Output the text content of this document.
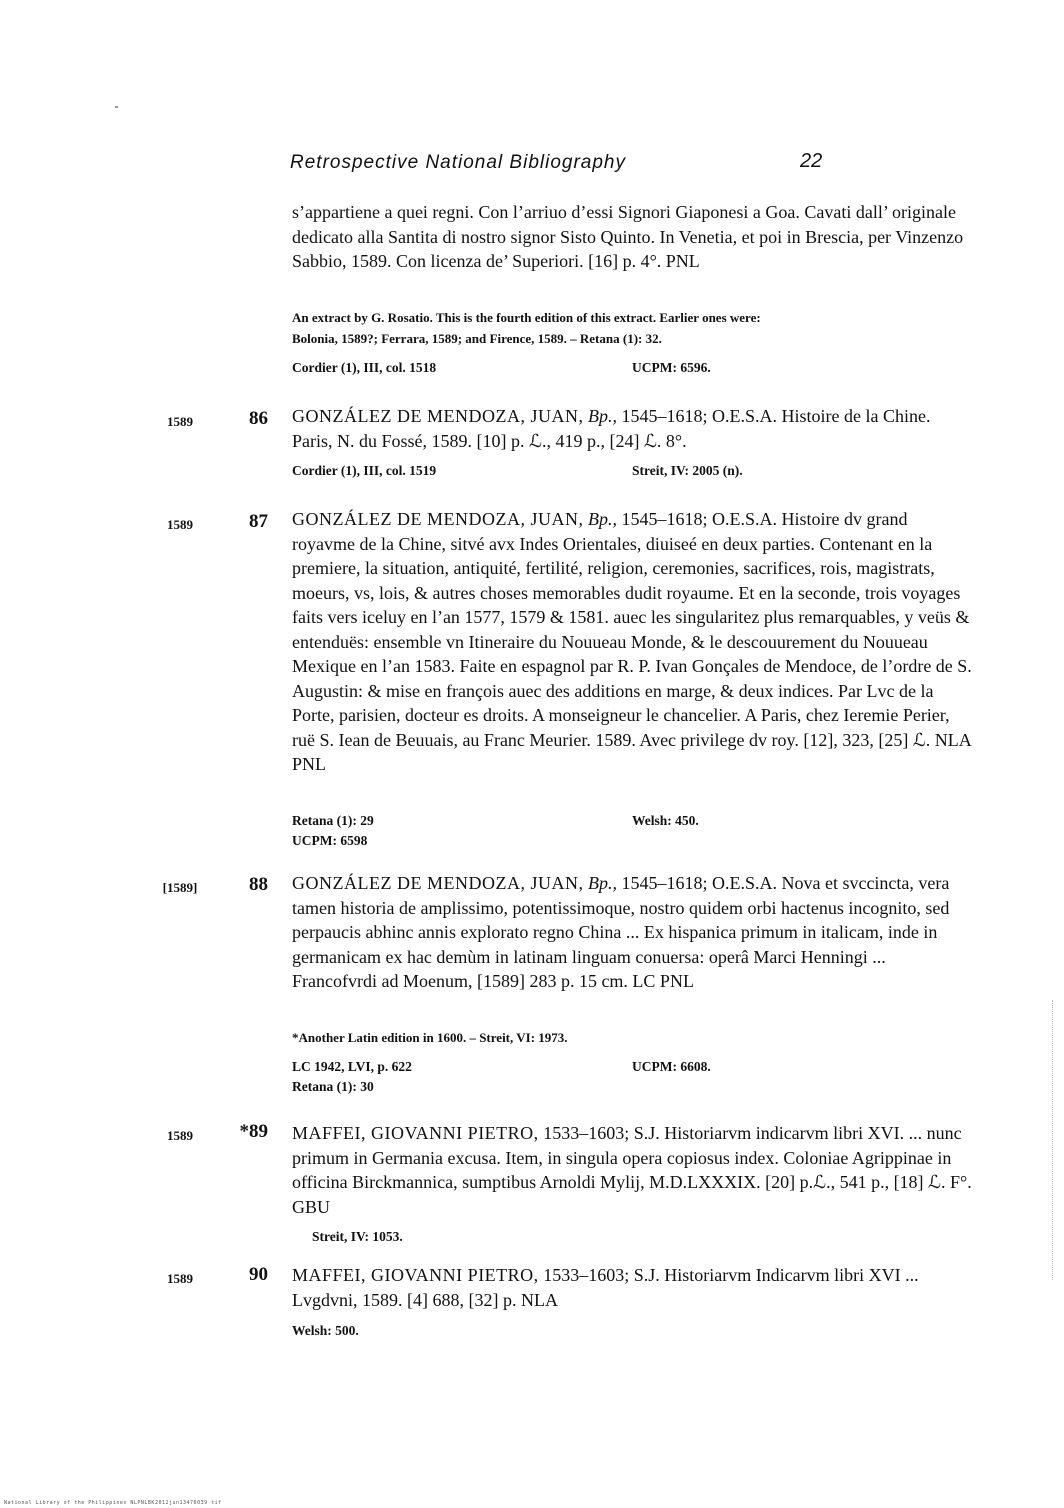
Retrospective National Bibliography	22

s’appartiene a quei regni. Con l’arriuo d’essi Signori Giaponesi a Goa. Cavati dall’ originale dedicato alla Santita di nostro signor Sisto Quinto. In Venetia, et poi in Brescia, per Vinzenzo Sabbio, 1589. Con licenza de’ Superiori. [16] p. 4°. PNL

An extract by G. Rosatio. This is the fourth edition of this extract. Earlier ones were:
Bolonia, 1589?; Ferrara, 1589; and Firence, 1589. – Retana (1): 32.

Cordier (1), III, col. 1518	UCPM: 6596.
1589	86 GONZÁLEZ DE MENDOZA, JUAN, Bp., 1545–1618; O.E.S.A. Histoire de la Chine. Paris, N. du Fossé, 1589. [10] p. ℒ., 419 p., [24] ℒ. 8°.

Cordier (1), III, col. 1519	Streit, IV: 2005 (n).
1589	87 GONZÁLEZ DE MENDOZA, JUAN, Bp., 1545–1618; O.E.S.A. Histoire dv grand royavme de la Chine, sitvé avx Indes Orientales, diuiseé en deux parties. Contenant en la premiere, la situation, antiquité, fertilité, religion, ceremonies, sacrifices, rois, magistrats, moeurs, vs, lois, & autres choses memorables dudit royaume. Et en la seconde, trois voyages faits vers iceluy en l’an 1577, 1579 & 1581. auec les singularitez plus remarquables, y veüs & entenduës: ensemble vn Itineraire du Nouueau Monde, & le descouurement du Nouueau Mexique en l’an 1583. Faite en espagnol par R. P. Ivan Gonçales de Mendoce, de l’ordre de S. Augustin: & mise en françois auec des additions en marge, & deux indices. Par Lvc de la Porte, parisien, docteur es droits. A monseigneur le chancelier. A Paris, chez Ieremie Perier, ruë S. Iean de Beuuais, au Franc Meurier. 1589. Avec privilege dv roy. [12], 323, [25] ℒ. NLA PNL

Retana (1): 29	Welsh: 450.

UCPM: 6598
[1589]	88 GONZÁLEZ DE MENDOZA, JUAN, Bp., 1545–1618; O.E.S.A. Nova et svccincta, vera tamen historia de amplissimo, potentissimoque, nostro quidem orbi hactenus incognito, sed perpaucis abhinc annis explorato regno China ... Ex hispanica primum in italicam, inde in germanicam ex hac demùm in latinam linguam conuersa: operâ Marci Henningi ... Francofvrdi ad Moenum, [1589] 283 p. 15 cm. LC PNL

*Another Latin edition in 1600. – Streit, VI: 1973.

LC 1942, LVI, p. 622	UCPM: 6608.

Retana (1): 30
1589	*89 MAFFEI, GIOVANNI PIETRO, 1533–1603; S.J. Historiarvm indicarvm libri XVI. ... nunc primum in Germania excusa. Item, in singula opera copiosus index. Coloniae Agrippinae in officina Birckmannica, sumptibus Arnoldi Mylij, M.D.LXXXIX. [20] p.ℒ., 541 p., [18] ℒ. F°. GBU

Streit, IV: 1053.
1589	90 MAFFEI, GIOVANNI PIETRO, 1533–1603; S.J. Historiarvm Indicarvm libri XVI ... Lvgdvni, 1589. [4] 688, [32] p. NLA

Welsh: 500.
National Library of the Philippines NLPNLBK2012jun13476039 tif
